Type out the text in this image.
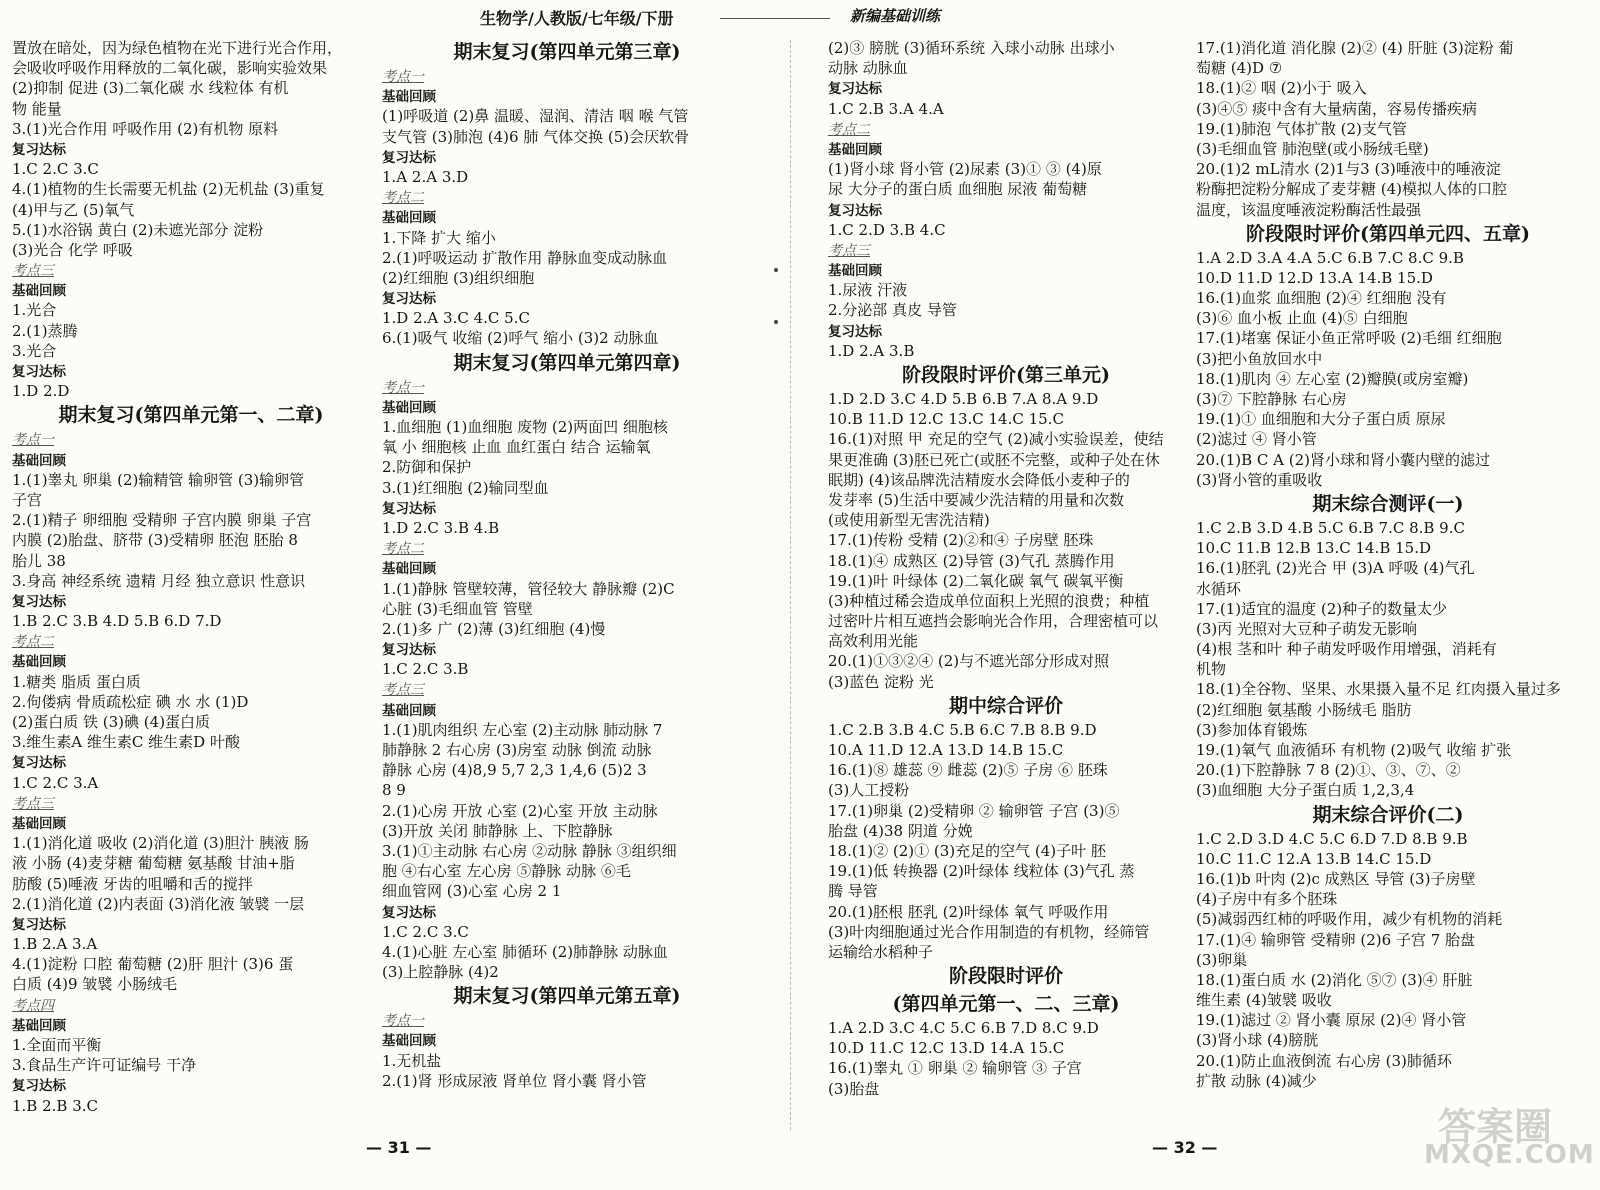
生物学/人教版/七年级/下册	新编基础训练
置放在暗处，因为绿色植物在光下进行光合作用，
会吸收呼吸作用释放的二氧化碳，影响实验效果
(2)抑制 促进 (3)二氧化碳 水 线粒体 有机
物 能量
3.(1)光合作用 呼吸作用 (2)有机物 原料
复习达标
1.C 2.C 3.C
4.(1)植物的生长需要无机盐 (2)无机盐 (3)重复
(4)甲与乙 (5)氧气
5.(1)水浴锅 黄白 (2)未遮光部分 淀粉
(3)光合 化学 呼吸
考点三
基础回顾
1.光合
2.(1)蒸腾
3.光合
复习达标
1.D 2.D
期末复习(第四单元第一、二章)
考点一
基础回顾
1.(1)睾丸 卵巢 (2)输精管 输卵管 (3)输卵管
子宫
2.(1)精子 卵细胞 受精卵 子宫内膜 卵巢 子宫
内膜 (2)胎盘、脐带 (3)受精卵 胚泡 胚胎 8
胎儿 38
3.身高 神经系统 遗精 月经 独立意识 性意识
复习达标
1.B 2.C 3.B 4.D 5.B 6.D 7.D
考点二
基础回顾
1.糖类 脂质 蛋白质
2.佝偻病 骨质疏松症 碘 水 水 (1)D
(2)蛋白质 铁 (3)碘 (4)蛋白质
3.维生素A 维生素C 维生素D 叶酸
复习达标
1.C 2.C 3.A
考点三
基础回顾
1.(1)消化道 吸收 (2)消化道 (3)胆汁 胰液 肠
液 小肠 (4)麦芽糖 葡萄糖 氨基酸 甘油+脂
肪酸 (5)唾液 牙齿的咀嚼和舌的搅拌
2.(1)消化道 (2)内表面 (3)消化液 皱襞 一层
复习达标
1.B 2.A 3.A
4.(1)淀粉 口腔 葡萄糖 (2)肝 胆汁 (3)6 蛋
白质 (4)9 皱襞 小肠绒毛
考点四
基础回顾
1.全面而平衡
3.食品生产许可证编号 干净
复习达标
1.B 2.B 3.C
期末复习(第四单元第三章)
考点一
基础回顾
(1)呼吸道 (2)鼻 温暖、湿润、清洁 咽 喉 气管
支气管 (3)肺泡 (4)6 肺 气体交换 (5)会厌软骨
复习达标
1.A 2.A 3.D
考点二
基础回顾
1.下降 扩大 缩小
2.(1)呼吸运动 扩散作用 静脉血变成动脉血
(2)红细胞 (3)组织细胞
复习达标
1.D 2.A 3.C 4.C 5.C
6.(1)吸气 收缩 (2)呼气 缩小 (3)2 动脉血
期末复习(第四单元第四章)
考点一
基础回顾
1.血细胞 (1)血细胞 废物 (2)两面凹 细胞核
氧 小 细胞核 止血 血红蛋白 结合 运输氧
2.防御和保护
3.(1)红细胞 (2)输同型血
复习达标
1.D 2.C 3.B 4.B
考点二
基础回顾
1.(1)静脉 管壁较薄，管径较大 静脉瓣 (2)C
心脏 (3)毛细血管 管壁
2.(1)多 广 (2)薄 (3)红细胞 (4)慢
复习达标
1.C 2.C 3.B
考点三
基础回顾
1.(1)肌肉组织 左心室 (2)主动脉 肺动脉 7
肺静脉 2 右心房 (3)房室 动脉 倒流 动脉
静脉 心房 (4)8,9 5,7 2,3 1,4,6 (5)2 3
8 9
2.(1)心房 开放 心室 (2)心室 开放 主动脉
(3)开放 关闭 肺静脉 上、下腔静脉
3.(1)①主动脉 右心房 ②动脉 静脉 ③组织细
胞 ④右心室 左心房 ⑤静脉 动脉 ⑥毛
细血管网 (3)心室 心房 2 1
复习达标
1.C 2.C 3.C
4.(1)心脏 左心室 肺循环 (2)肺静脉 动脉血
(3)上腔静脉 (4)2
期末复习(第四单元第五章)
考点一
基础回顾
1.无机盐
2.(1)肾 形成尿液 肾单位 肾小囊 肾小管
(2)③ 膀胱 (3)循环系统 入球小动脉 出球小
动脉 动脉血
复习达标
1.C 2.B 3.A 4.A
考点二
基础回顾
(1)肾小球 肾小管 (2)尿素 (3)① ③ (4)原
尿 大分子的蛋白质 血细胞 尿液 葡萄糖
复习达标
1.C 2.D 3.B 4.C
考点三
基础回顾
1.尿液 汗液
2.分泌部 真皮 导管
复习达标
1.D 2.A 3.B
阶段限时评价(第三单元)
1.D 2.D 3.C 4.D 5.B 6.B 7.A 8.A 9.D
10.B 11.D 12.C 13.C 14.C 15.C
16.(1)对照 甲 充足的空气 (2)减小实验误差，使结
果更准确 (3)胚已死亡(或胚不完整，或种子处在休
眠期) (4)该品牌洗洁精废水会降低小麦种子的
发芽率 (5)生活中要减少洗洁精的用量和次数
(或使用新型无害洗洁精)
17.(1)传粉 受精 (2)②和④ 子房壁 胚珠
18.(1)④ 成熟区 (2)导管 (3)气孔 蒸腾作用
19.(1)叶 叶绿体 (2)二氧化碳 氧气 碳氧平衡
(3)种植过稀会造成单位面积上光照的浪费；种植
过密叶片相互遮挡会影响光合作用，合理密植可以
高效利用光能
20.(1)①③②④ (2)与不遮光部分形成对照
(3)蓝色 淀粉 光
期中综合评价
1.C 2.B 3.B 4.C 5.B 6.C 7.B 8.B 9.D
10.A 11.D 12.A 13.D 14.B 15.C
16.(1)⑧ 雄蕊 ⑨ 雌蕊 (2)⑤ 子房 ⑥ 胚珠
(3)人工授粉
17.(1)卵巢 (2)受精卵 ② 输卵管 子宫 (3)⑤
胎盘 (4)38 阴道 分娩
18.(1)② (2)① (3)充足的空气 (4)子叶 胚
19.(1)低 转换器 (2)叶绿体 线粒体 (3)气孔 蒸
腾 导管
20.(1)胚根 胚乳 (2)叶绿体 氧气 呼吸作用
(3)叶肉细胞通过光合作用制造的有机物，经筛管
运输给水稻种子
阶段限时评价
(第四单元第一、二、三章)
1.A 2.D 3.C 4.C 5.C 6.B 7.D 8.C 9.D
10.D 11.C 12.C 13.D 14.A 15.C
16.(1)睾丸 ① 卵巢 ② 输卵管 ③ 子宫
(3)胎盘
17.(1)消化道 消化腺 (2)② (4) 肝脏 (3)淀粉 葡
萄糖 (4)D ⑦
18.(1)② 咽 (2)小于 吸入
(3)④⑤ 痰中含有大量病菌，容易传播疾病
19.(1)肺泡 气体扩散 (2)支气管
(3)毛细血管 肺泡壁(或小肠绒毛壁)
20.(1)2 mL清水 (2)1与3 (3)唾液中的唾液淀
粉酶把淀粉分解成了麦芽糖 (4)模拟人体的口腔
温度，该温度唾液淀粉酶活性最强
阶段限时评价(第四单元四、五章)
1.A 2.D 3.A 4.A 5.C 6.B 7.C 8.C 9.B
10.D 11.D 12.D 13.A 14.B 15.D
16.(1)血浆 血细胞 (2)④ 红细胞 没有
(3)⑥ 血小板 止血 (4)⑤ 白细胞
17.(1)堵塞 保证小鱼正常呼吸 (2)毛细 红细胞
(3)把小鱼放回水中
18.(1)肌肉 ④ 左心室 (2)瓣膜(或房室瓣)
(3)⑦ 下腔静脉 右心房
19.(1)① 血细胞和大分子蛋白质 原尿
(2)滤过 ④ 肾小管
20.(1)B C A (2)肾小球和肾小囊内壁的滤过
(3)肾小管的重吸收
期末综合测评(一)
1.C 2.B 3.D 4.B 5.C 6.B 7.C 8.B 9.C
10.C 11.B 12.B 13.C 14.B 15.D
16.(1)胚乳 (2)光合 甲 (3)A 呼吸 (4)气孔
水循环
17.(1)适宜的温度 (2)种子的数量太少
(3)丙 光照对大豆种子萌发无影响
(4)根 茎和叶 种子萌发呼吸作用增强，消耗有
机物
18.(1)全谷物、坚果、水果摄入量不足 红肉摄入量过多
(2)红细胞 氨基酸 小肠绒毛 脂肪
(3)参加体育锻炼
19.(1)氧气 血液循环 有机物 (2)吸气 收缩 扩张
20.(1)下腔静脉 7 8 (2)①、③、⑦、②
(3)血细胞 大分子蛋白质 1,2,3,4
期末综合评价(二)
1.C 2.D 3.D 4.C 5.C 6.D 7.D 8.B 9.B
10.C 11.C 12.A 13.B 14.C 15.D
16.(1)b 叶肉 (2)c 成熟区 导管 (3)子房壁
(4)子房中有多个胚珠
(5)减弱西红柿的呼吸作用，减少有机物的消耗
17.(1)④ 输卵管 受精卵 (2)6 子宫 7 胎盘
(3)卵巢
18.(1)蛋白质 水 (2)消化 ⑤⑦ (3)④ 肝脏
维生素 (4)皱襞 吸收
19.(1)滤过 ② 肾小囊 原尿 (2)④ 肾小管
(3)肾小球 (4)膀胱
20.(1)防止血液倒流 右心房 (3)肺循环
扩散 动脉 (4)减少
— 31 —	— 32 —	答案圈
MXQE.COM
